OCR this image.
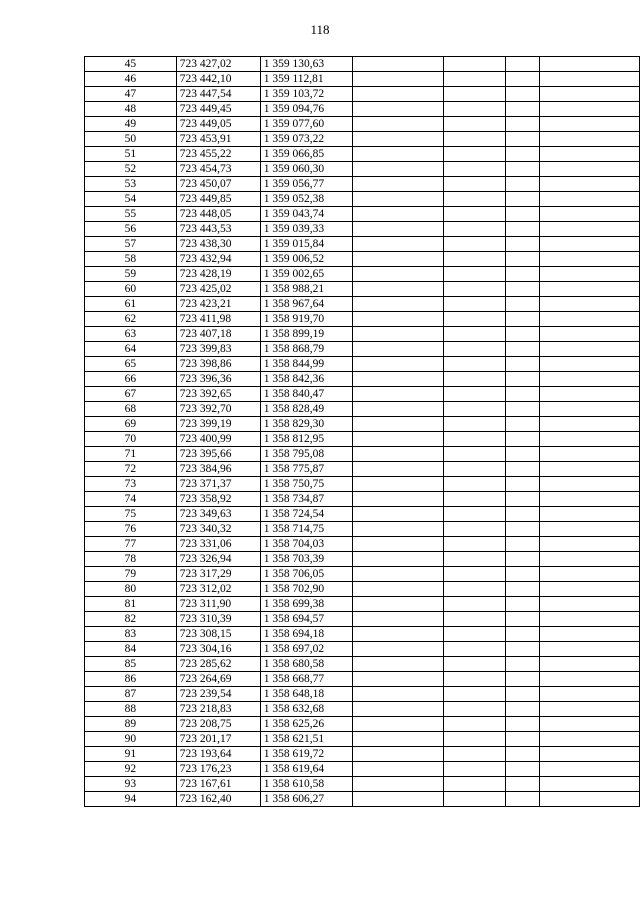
118
45	723 427,02	1 359 130,63				
46	723 442,10	1 359 112,81				
47	723 447,54	1 359 103,72				
48	723 449,45	1 359 094,76				
49	723 449,05	1 359 077,60				
50	723 453,91	1 359 073,22				
51	723 455,22	1 359 066,85				
52	723 454,73	1 359 060,30				
53	723 450,07	1 359 056,77				
54	723 449,85	1 359 052,38				
55	723 448,05	1 359 043,74				
56	723 443,53	1 359 039,33				
57	723 438,30	1 359 015,84				
58	723 432,94	1 359 006,52				
59	723 428,19	1 359 002,65				
60	723 425,02	1 358 988,21				
61	723 423,21	1 358 967,64				
62	723 411,98	1 358 919,70				
63	723 407,18	1 358 899,19				
64	723 399,83	1 358 868,79				
65	723 398,86	1 358 844,99				
66	723 396,36	1 358 842,36				
67	723 392,65	1 358 840,47				
68	723 392,70	1 358 828,49				
69	723 399,19	1 358 829,30				
70	723 400,99	1 358 812,95				
71	723 395,66	1 358 795,08				
72	723 384,96	1 358 775,87				
73	723 371,37	1 358 750,75				
74	723 358,92	1 358 734,87				
75	723 349,63	1 358 724,54				
76	723 340,32	1 358 714,75				
77	723 331,06	1 358 704,03				
78	723 326,94	1 358 703,39				
79	723 317,29	1 358 706,05				
80	723 312,02	1 358 702,90				
81	723 311,90	1 358 699,38				
82	723 310,39	1 358 694,57				
83	723 308,15	1 358 694,18				
84	723 304,16	1 358 697,02				
85	723 285,62	1 358 680,58				
86	723 264,69	1 358 668,77				
87	723 239,54	1 358 648,18				
88	723 218,83	1 358 632,68				
89	723 208,75	1 358 625,26				
90	723 201,17	1 358 621,51				
91	723 193,64	1 358 619,72				
92	723 176,23	1 358 619,64				
93	723 167,61	1 358 610,58				
94	723 162,40	1 358 606,27				
